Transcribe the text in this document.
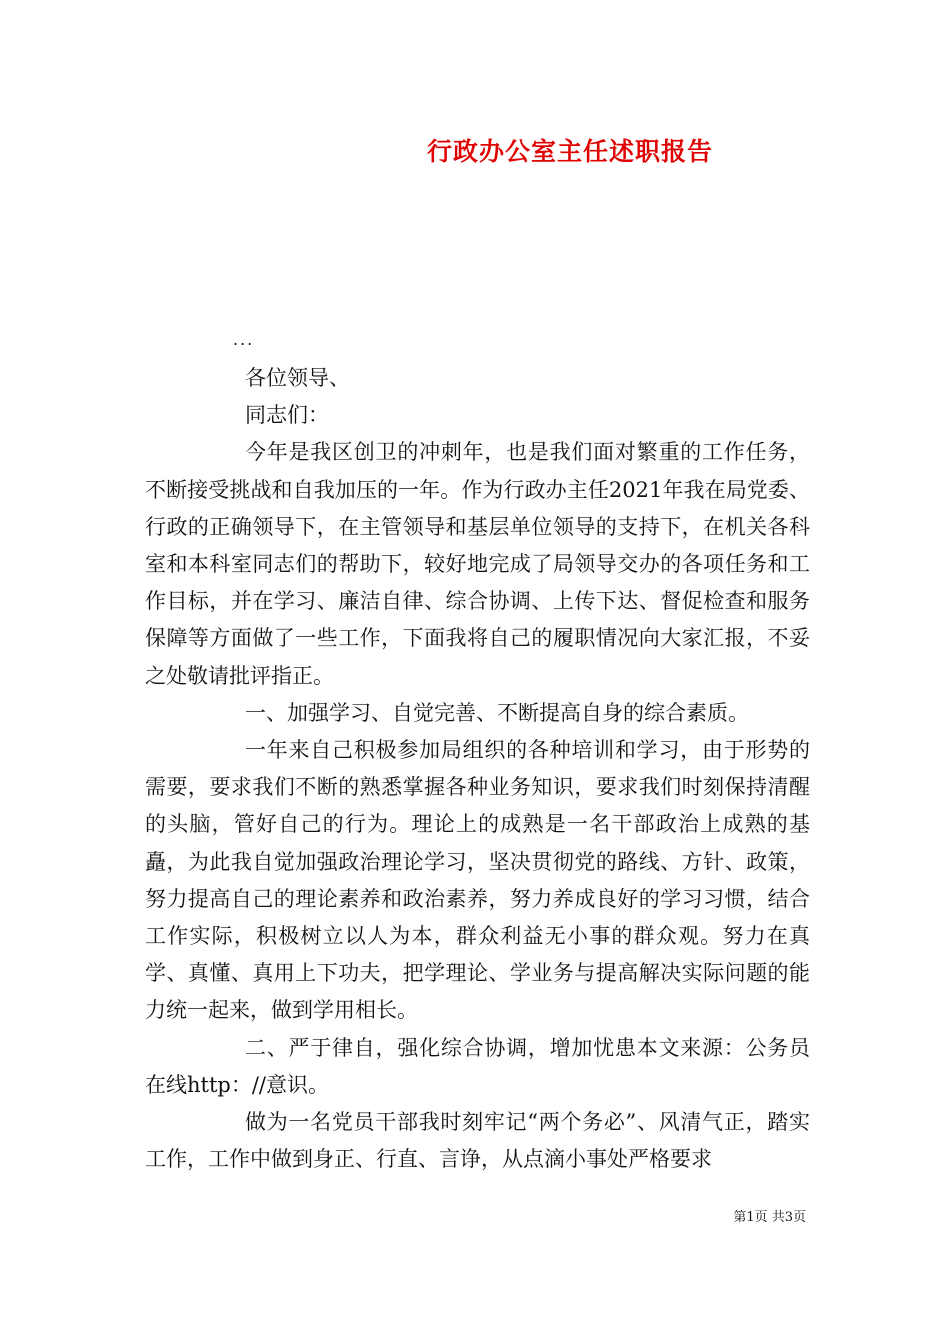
行政办公室主任述职报告
...

各位领导、

同志们：

今年是我区创卫的冲刺年，也是我们面对繁重的工作任务，不断接受挑战和自我加压的一年。作为行政办主任2021年我在局党委、行政的正确领导下，在主管领导和基层单位领导的支持下，在机关各科室和本科室同志们的帮助下，较好地完成了局领导交办的各项任务和工作目标，并在学习、廉洁自律、综合协调、上传下达、督促检查和服务保障等方面做了一些工作，下面我将自己的履职情况向大家汇报，不妥之处敬请批评指正。

一、加强学习、自觉完善、不断提高自身的综合素质。

一年来自己积极参加局组织的各种培训和学习，由于形势的需要，要求我们不断的熟悉掌握各种业务知识，要求我们时刻保持清醒的头脑，管好自己的行为。理论上的成熟是一名干部政治上成熟的基矗，为此我自觉加强政治理论学习，坚决贯彻党的路线、方针、政策，努力提高自己的理论素养和政治素养，努力养成良好的学习习惯，结合工作实际，积极树立以人为本，群众利益无小事的群众观。努力在真学、真懂、真用上下功夫，把学理论、学业务与提高解决实际问题的能力统一起来，做到学用相长。

二、严于律自，强化综合协调，增加忧患本文来源：公务员在线http：//意识。

做为一名党员干部我时刻牢记“两个务必”、风清气正，踏实工作，工作中做到身正、行直、言诤，从点滴小事处严格要求

第1页 共3页
